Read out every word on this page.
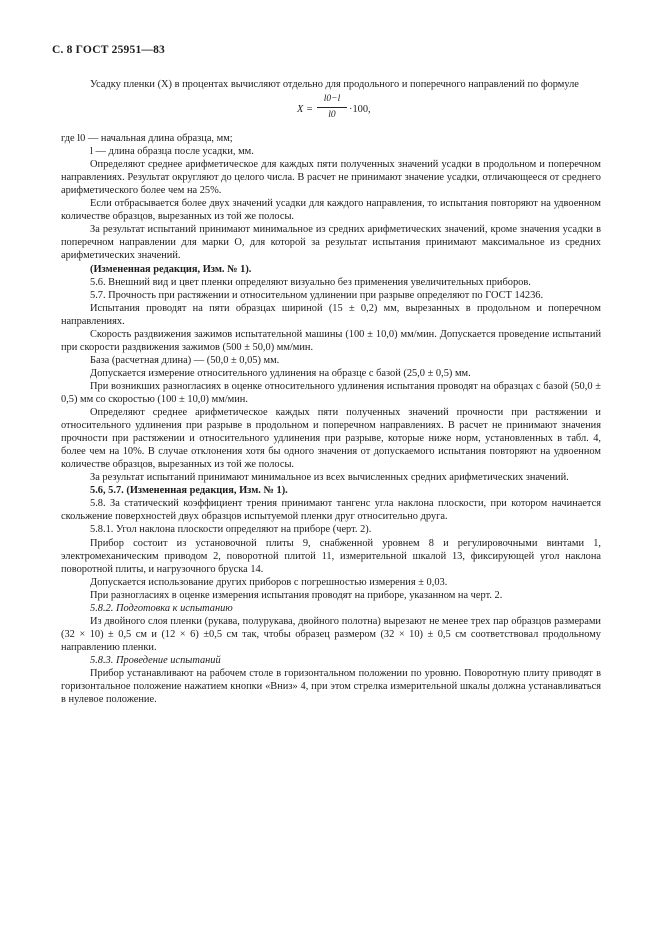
С. 8 ГОСТ 25951—83

Усадку пленки (X) в процентах вычисляют отдельно для продольного и поперечного направлений по формуле

$X = \frac{l0-l}{l0} \cdot 100$,
где l0 — начальная длина образца, мм;
l — длина образца после усадки, мм.

Определяют среднее арифметическое для каждых пяти полученных значений усадки в продольном и поперечном направлениях. Результат округляют до целого числа. В расчет не принимают значение усадки, отличающееся от среднего арифметического более чем на 25%.

Если отбрасывается более двух значений усадки для каждого направления, то испытания повторяют на удвоенном количестве образцов, вырезанных из той же полосы.

За результат испытаний принимают минимальное из средних арифметических значений, кроме значения усадки в поперечном направлении для марки О, для которой за результат испытания принимают максимальное из средних арифметических значений.

(Измененная редакция, Изм. № 1).

5.6. Внешний вид и цвет пленки определяют визуально без применения увеличительных приборов.

5.7. Прочность при растяжении и относительном удлинении при разрыве определяют по ГОСТ 14236.

Испытания проводят на пяти образцах шириной (15 ± 0,2) мм, вырезанных в продольном и поперечном направлениях.

Скорость раздвижения зажимов испытательной машины (100 ± 10,0) мм/мин. Допускается проведение испытаний при скорости раздвижения зажимов (500 ± 50,0) мм/мин.

База (расчетная длина) — (50,0 ± 0,05) мм.

Допускается измерение относительного удлинения на образце с базой (25,0 ± 0,5) мм.

При возникших разногласиях в оценке относительного удлинения испытания проводят на образцах с базой (50,0 ± 0,5) мм со скоростью (100 ± 10,0) мм/мин.

Определяют среднее арифметическое каждых пяти полученных значений прочности при растяжении и относительного удлинения при разрыве в продольном и поперечном направлениях. В расчет не принимают значения прочности при растяжении и относительного удлинения при разрыве, которые ниже норм, установленных в табл. 4, более чем на 10%. В случае отклонения хотя бы одного значения от допускаемого испытания повторяют на удвоенном количестве образцов, вырезанных из той же полосы.

За результат испытаний принимают минимальное из всех вычисленных средних арифметических значений.

5.6, 5.7. (Измененная редакция, Изм. № 1).

5.8. За статический коэффициент трения принимают тангенс угла наклона плоскости, при котором начинается скольжение поверхностей двух образцов испытуемой пленки друг относительно друга.

5.8.1. Угол наклона плоскости определяют на приборе (черт. 2).

Прибор состоит из установочной плиты 9, снабженной уровнем 8 и регулировочными винтами 1, электромеханическим приводом 2, поворотной плитой 11, измерительной шкалой 13, фиксирующей угол наклона поворотной плиты, и нагрузочного бруска 14.

Допускается использование других приборов с погрешностью измерения ± 0,03.

При разногласиях в оценке измерения испытания проводят на приборе, указанном на черт. 2.

5.8.2. Подготовка к испытанию

Из двойного слоя пленки (рукава, полурукава, двойного полотна) вырезают не менее трех пар образцов размерами (32 × 10) ± 0,5 см и (12 × 6) ±0,5 см так, чтобы образец размером (32 × 10) ± 0,5 см соответствовал продольному направлению пленки.

5.8.3. Проведение испытаний

Прибор устанавливают на рабочем столе в горизонтальном положении по уровню. Поворотную плиту приводят в горизонтальное положение нажатием кнопки «Вниз» 4, при этом стрелка измерительной шкалы должна устанавливаться в нулевое положение.
